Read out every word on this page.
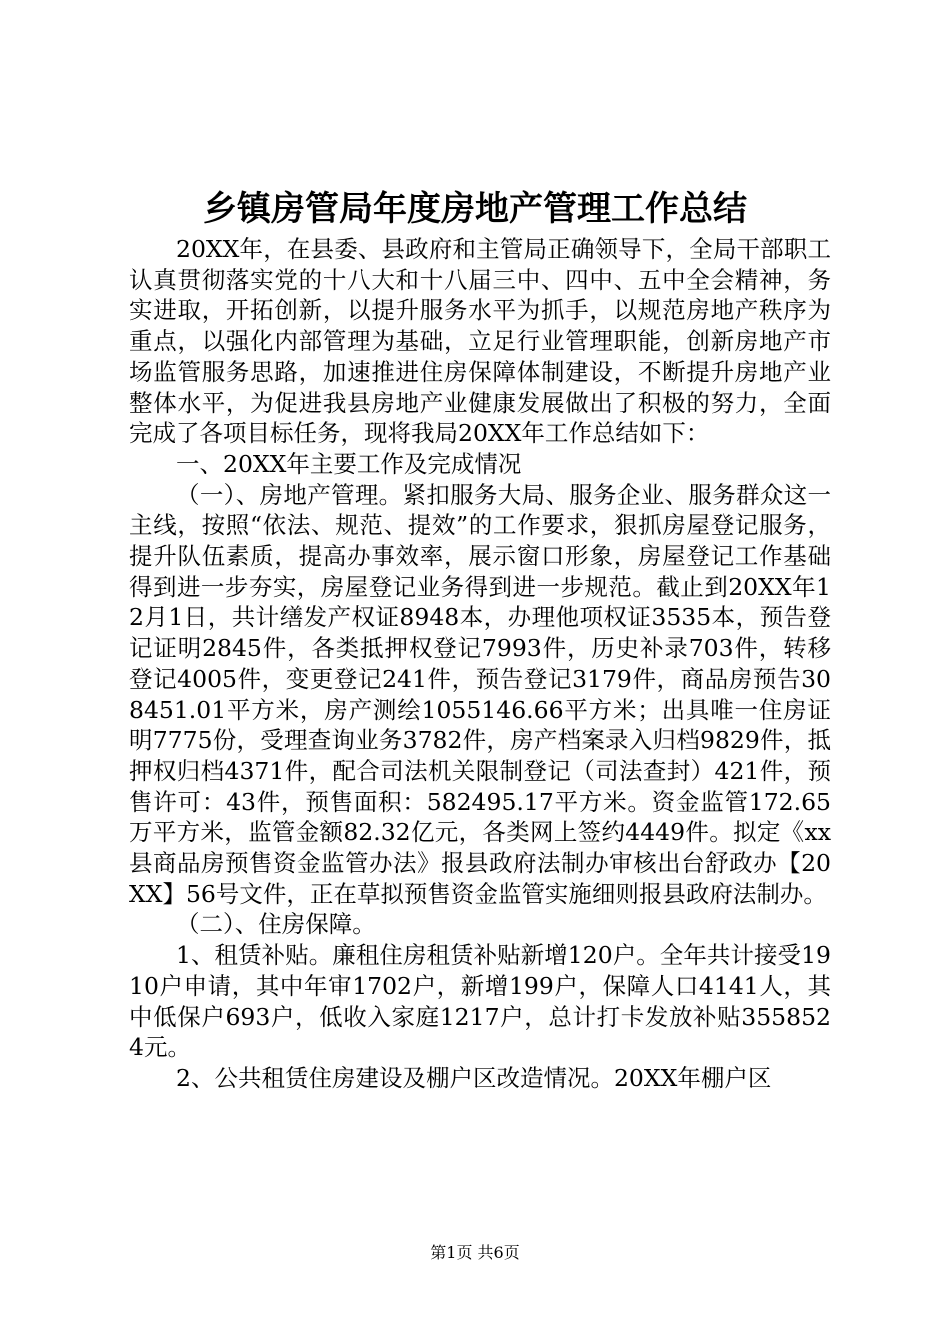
乡镇房管局年度房地产管理工作总结

20XX年，在县委、县政府和主管局正确领导下，全局干部职工认真贯彻落实党的十八大和十八届三中、四中、五中全会精神，务实进取，开拓创新，以提升服务水平为抓手，以规范房地产秩序为重点，以强化内部管理为基础，立足行业管理职能，创新房地产市场监管服务思路，加速推进住房保障体制建设，不断提升房地产业整体水平，为促进我县房地产业健康发展做出了积极的努力，全面完成了各项目标任务，现将我局20XX年工作总结如下：

一、20XX年主要工作及完成情况

（一）、房地产管理。紧扣服务大局、服务企业、服务群众这一主线，按照“依法、规范、提效”的工作要求，狠抓房屋登记服务，提升队伍素质，提高办事效率，展示窗口形象，房屋登记工作基础得到进一步夯实，房屋登记业务得到进一步规范。截止到20XX年12月1日，共计缮发产权证8948本，办理他项权证3535本，预告登记证明2845件，各类抵押权登记7993件，历史补录703件，转移登记4005件，变更登记241件，预告登记3179件，商品房预告308451.01平方米，房产测绘1055146.66平方米；出具唯一住房证明7775份，受理查询业务3782件，房产档案录入归档9829件，抵押权归档4371件，配合司法机关限制登记（司法查封）421件，预售许可：43件，预售面积：582495.17平方米。资金监管172.65万平方米，监管金额82.32亿元，各类网上签约4449件。拟定《xx县商品房预售资金监管办法》报县政府法制办审核出台舒政办【20XX】56号文件，正在草拟预售资金监管实施细则报县政府法制办。

（二）、住房保障。

1、租赁补贴。廉租住房租赁补贴新增120户。全年共计接受1910户申请，其中年审1702户，新增199户，保障人口4141人，其中低保户693户，低收入家庭1217户，总计打卡发放补贴3558524元。

2、公共租赁住房建设及棚户区改造情况。20XX年棚户区

第1页 共6页
